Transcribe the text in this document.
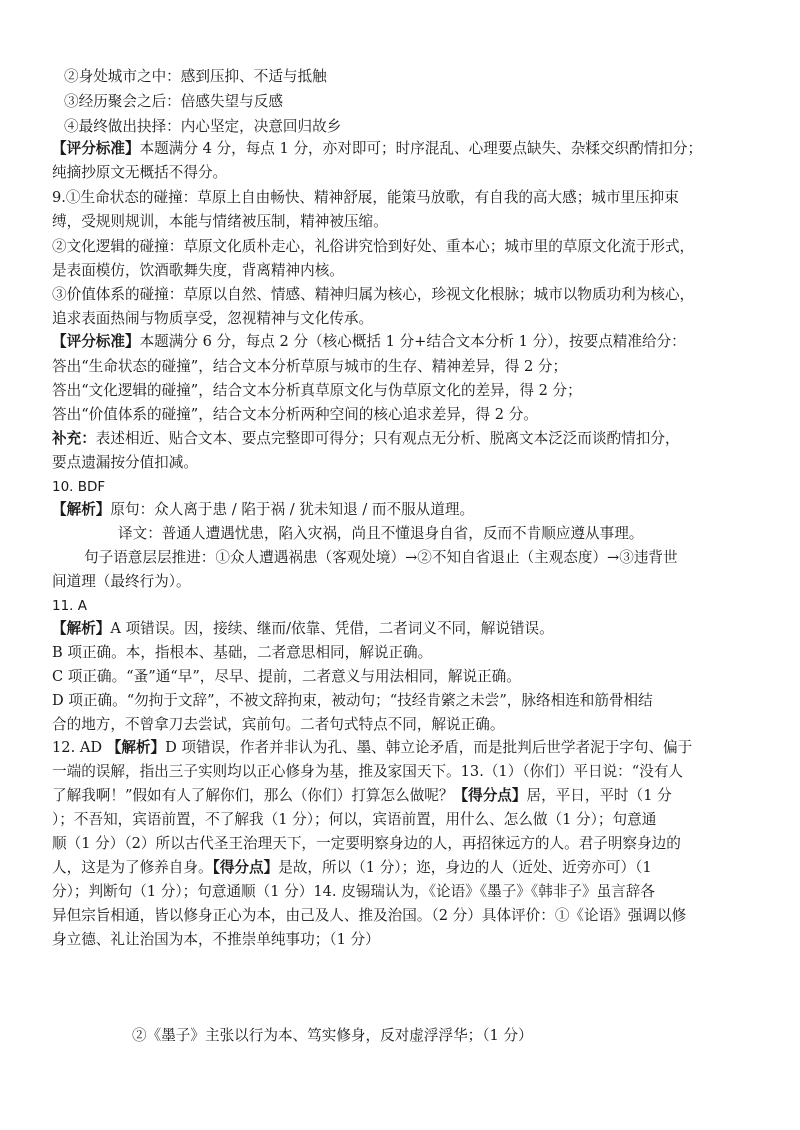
②身处城市之中：感到压抑、不适与抵触
③经历聚会之后：倍感失望与反感
④最终做出抉择：内心坚定，决意回归故乡
【评分标准】本题满分 4 分，每点 1 分，亦对即可；时序混乱、心理要点缺失、杂糅交织酌情扣分；
纯摘抄原文无概括不得分。
9.①生命状态的碰撞：草原上自由畅快、精神舒展，能策马放歌，有自我的高大感；城市里压抑束
缚，受规则规训，本能与情绪被压制，精神被压缩。
②文化逻辑的碰撞：草原文化质朴走心，礼俗讲究恰到好处、重本心；城市里的草原文化流于形式，
是表面模仿，饮酒歌舞失度，背离精神内核。
③价值体系的碰撞：草原以自然、情感、精神归属为核心，珍视文化根脉；城市以物质功利为核心，
追求表面热闹与物质享受，忽视精神与文化传承。
【评分标准】本题满分 6 分，每点 2 分（核心概括 1 分+结合文本分析 1 分），按要点精准给分：
答出“生命状态的碰撞”，结合文本分析草原与城市的生存、精神差异，得 2 分；
答出“文化逻辑的碰撞”，结合文本分析真草原文化与伪草原文化的差异，得 2 分；
答出“价值体系的碰撞”，结合文本分析两种空间的核心追求差异，得 2 分。
补充：表述相近、贴合文本、要点完整即可得分；只有观点无分析、脱离文本泛泛而谈酌情扣分，
要点遗漏按分值扣减。
10. BDF
【解析】原句：众人离于患 / 陷于祸 / 犹未知退 / 而不服从道理。
译文：普通人遭遇忧患，陷入灾祸，尚且不懂退身自省，反而不肯顺应遵从事理。
句子语意层层推进：①众人遭遇祸患（客观处境）→②不知自省退止（主观态度）→③违背世
间道理（最终行为）。
11. A
【解析】A 项错误。因，接续、继而/依靠、凭借，二者词义不同，解说错误。
B 项正确。本，指根本、基础，二者意思相同，解说正确。
C 项正确。“蚤”通“早”，尽早、提前，二者意义与用法相同，解说正确。
D 项正确。“勿拘于文辞”，不被文辞拘束，被动句；“技经肯綮之未尝”，脉络相连和筋骨相结
合的地方，不曾拿刀去尝试，宾前句。二者句式特点不同，解说正确。
12. AD 【解析】D 项错误，作者并非认为孔、墨、韩立论矛盾，而是批判后世学者泥于字句、偏于
一端的误解，指出三子实则均以正心修身为基，推及家国天下。13.（1）（你们）平日说：“没有人
了解我啊！”假如有人了解你们，那么（你们）打算怎么做呢？【得分点】居，平日，平时（1 分
）；不吾知，宾语前置，不了解我（1 分）；何以，宾语前置，用什么、怎么做（1 分）；句意通
顺（1 分）（2）所以古代圣王治理天下，一定要明察身边的人，再招徕远方的人。君子明察身边的
人，这是为了修养自身。【得分点】是故，所以（1 分）；迩，身边的人（近处、近旁亦可）（1
分）；判断句（1 分）；句意通顺（1 分）14. 皮锡瑞认为，《论语》《墨子》《韩非子》虽言辞各
异但宗旨相通，皆以修身正心为本，由己及人、推及治国。（2 分）具体评价：①《论语》强调以修
身立德、礼让治国为本，不推崇单纯事功；（1 分）
②《墨子》主张以行为本、笃实修身，反对虚浮浮华；（1 分）
